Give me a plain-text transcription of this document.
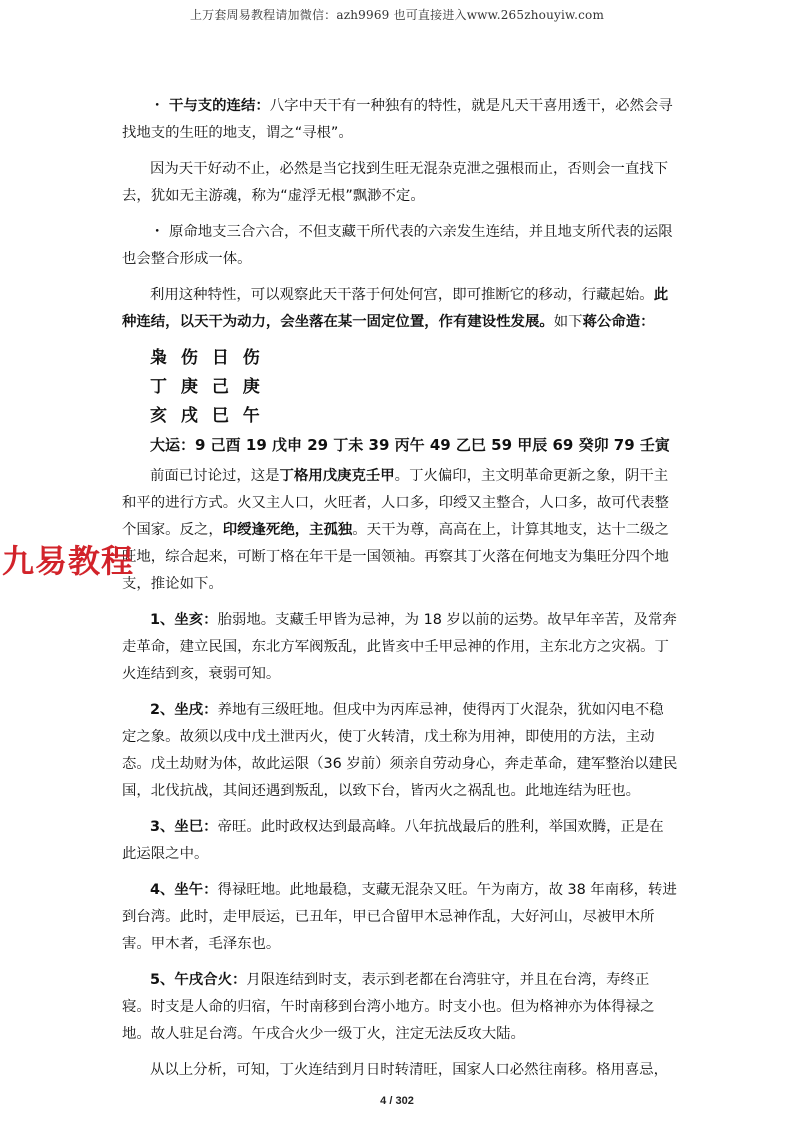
上万套周易教程请加微信：azh9969 也可直接进入www.265zhouyiw.com

・ 干与支的连结：八字中天干有一种独有的特性，就是凡天干喜用透干，必然会寻找地支的生旺的地支，谓之“寻根”。

因为天干好动不止，必然是当它找到生旺无混杂克泄之强根而止，否则会一直找下去，犹如无主游魂，称为“虚浮无根”飘渺不定。

・ 原命地支三合六合，不但支藏干所代表的六亲发生连结，并且地支所代表的运限也会整合形成一体。

利用这种特性，可以观察此天干落于何处何宫，即可推断它的移动，行藏起始。此种连结，以天干为动力，会坐落在某一固定位置，作有建设性发展。如下蒋公命造：

枭 伤 日 伤
丁 庚 己 庚
亥 戌 巳 午
大运：9 己酉 19 戊申 29 丁未 39 丙午 49 乙巳 59 甲辰 69 癸卯 79 壬寅

前面已讨论过，这是丁格用戊庚克壬甲。丁火偏印，主文明革命更新之象，阴干主和平的进行方式。火又主人口，火旺者，人口多，印绶又主整合，人口多，故可代表整个国家。反之，印绶逢死绝，主孤独。天干为尊，高高在上，计算其地支，达十二级之旺地，综合起来，可断丁格在年干是一国领袖。再察其丁火落在何地支为集旺分四个地支，推论如下。

1、坐亥：胎弱地。支藏壬甲皆为忌神，为 18 岁以前的运势。故早年辛苦，及常奔走革命，建立民国，东北方军阀叛乱，此皆亥中壬甲忌神的作用，主东北方之灾祸。丁火连结到亥，衰弱可知。

2、坐戌：养地有三级旺地。但戌中为丙库忌神，使得丙丁火混杂，犹如闪电不稳定之象。故须以戌中戊土泄丙火，使丁火转清，戊土称为用神，即使用的方法，主动态。戊土劫财为体，故此运限（36 岁前）须亲自劳动身心，奔走革命，建军整治以建民国，北伐抗战，其间还遇到叛乱，以致下台，皆丙火之祸乱也。此地连结为旺也。

3、坐巳：帝旺。此时政权达到最高峰。八年抗战最后的胜利，举国欢腾，正是在此运限之中。

4、坐午：得禄旺地。此地最稳，支藏无混杂又旺。午为南方，故 38 年南移，转进到台湾。此时，走甲辰运，已丑年，甲已合留甲木忌神作乱，大好河山，尽被甲木所害。甲木者，毛泽东也。

5、午戌合火：月限连结到时支，表示到老都在台湾驻守，并且在台湾，寿终正寝。时支是人命的归宿，午时南移到台湾小地方。时支小也。但为格神亦为体得禄之地。故人驻足台湾。午戌合火少一级丁火，注定无法反攻大陆。

从以上分析，可知，丁火连结到月日时转清旺，国家人口必然往南移。格用喜忌，

九易教程
4 / 302
